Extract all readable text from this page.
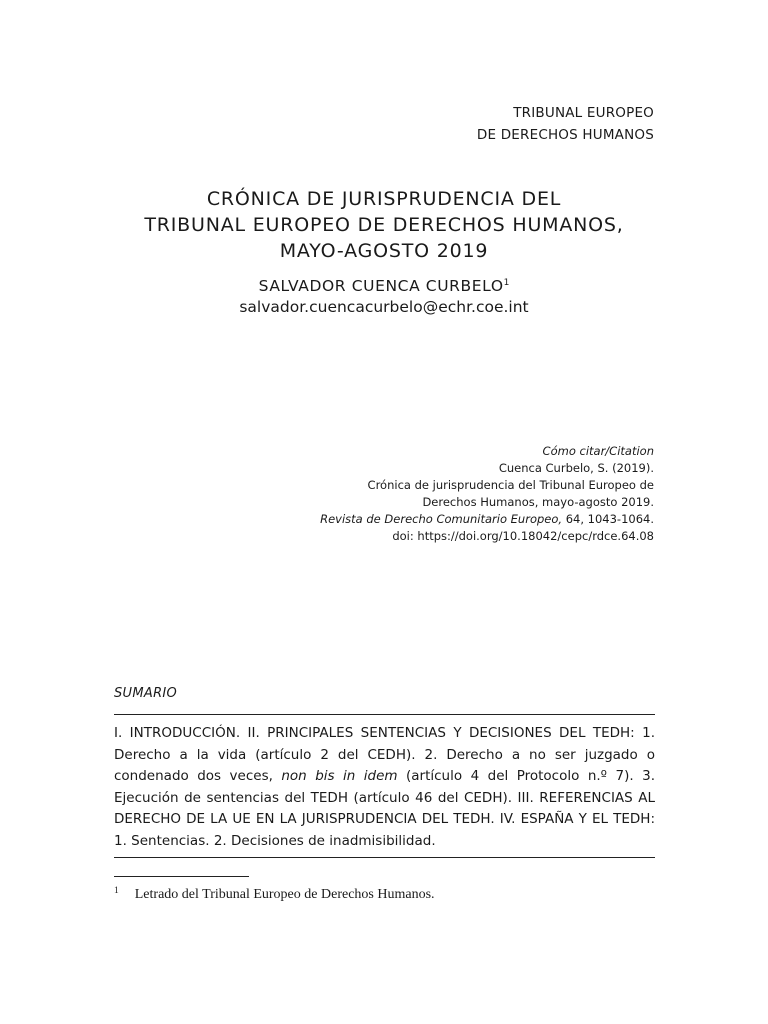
TRIBUNAL EUROPEO
DE DERECHOS HUMANOS
CRÓNICA DE JURISPRUDENCIA DEL
TRIBUNAL EUROPEO DE DERECHOS HUMANOS,
MAYO-AGOSTO 2019
SALVADOR CUENCA CURBELO$^1$
salvador.cuencacurbelo@echr.coe.int
Cómo citar/Citation
Cuenca Curbelo, S. (2019).
Crónica de jurisprudencia del Tribunal Europeo de
Derechos Humanos, mayo-agosto 2019.
Revista de Derecho Comunitario Europeo, 64, 1043-1064.
doi: https://doi.org/10.18042/cepc/rdce.64.08
SUMARIO
I. INTRODUCCIÓN. II. PRINCIPALES SENTENCIAS Y DECISIONES DEL TEDH: 1. Derecho a la vida (artículo 2 del CEDH). 2. Derecho a no ser juzgado o condenado dos veces, non bis in idem (artículo 4 del Protocolo n.º 7). 3. Ejecución de sentencias del TEDH (artículo 46 del CEDH). III. REFERENCIAS AL DERECHO DE LA UE EN LA JURISPRUDENCIA DEL TEDH. IV. ESPAÑA Y EL TEDH: 1. Sentencias. 2. Decisiones de inadmisibilidad.
$^1$ Letrado del Tribunal Europeo de Derechos Humanos.
